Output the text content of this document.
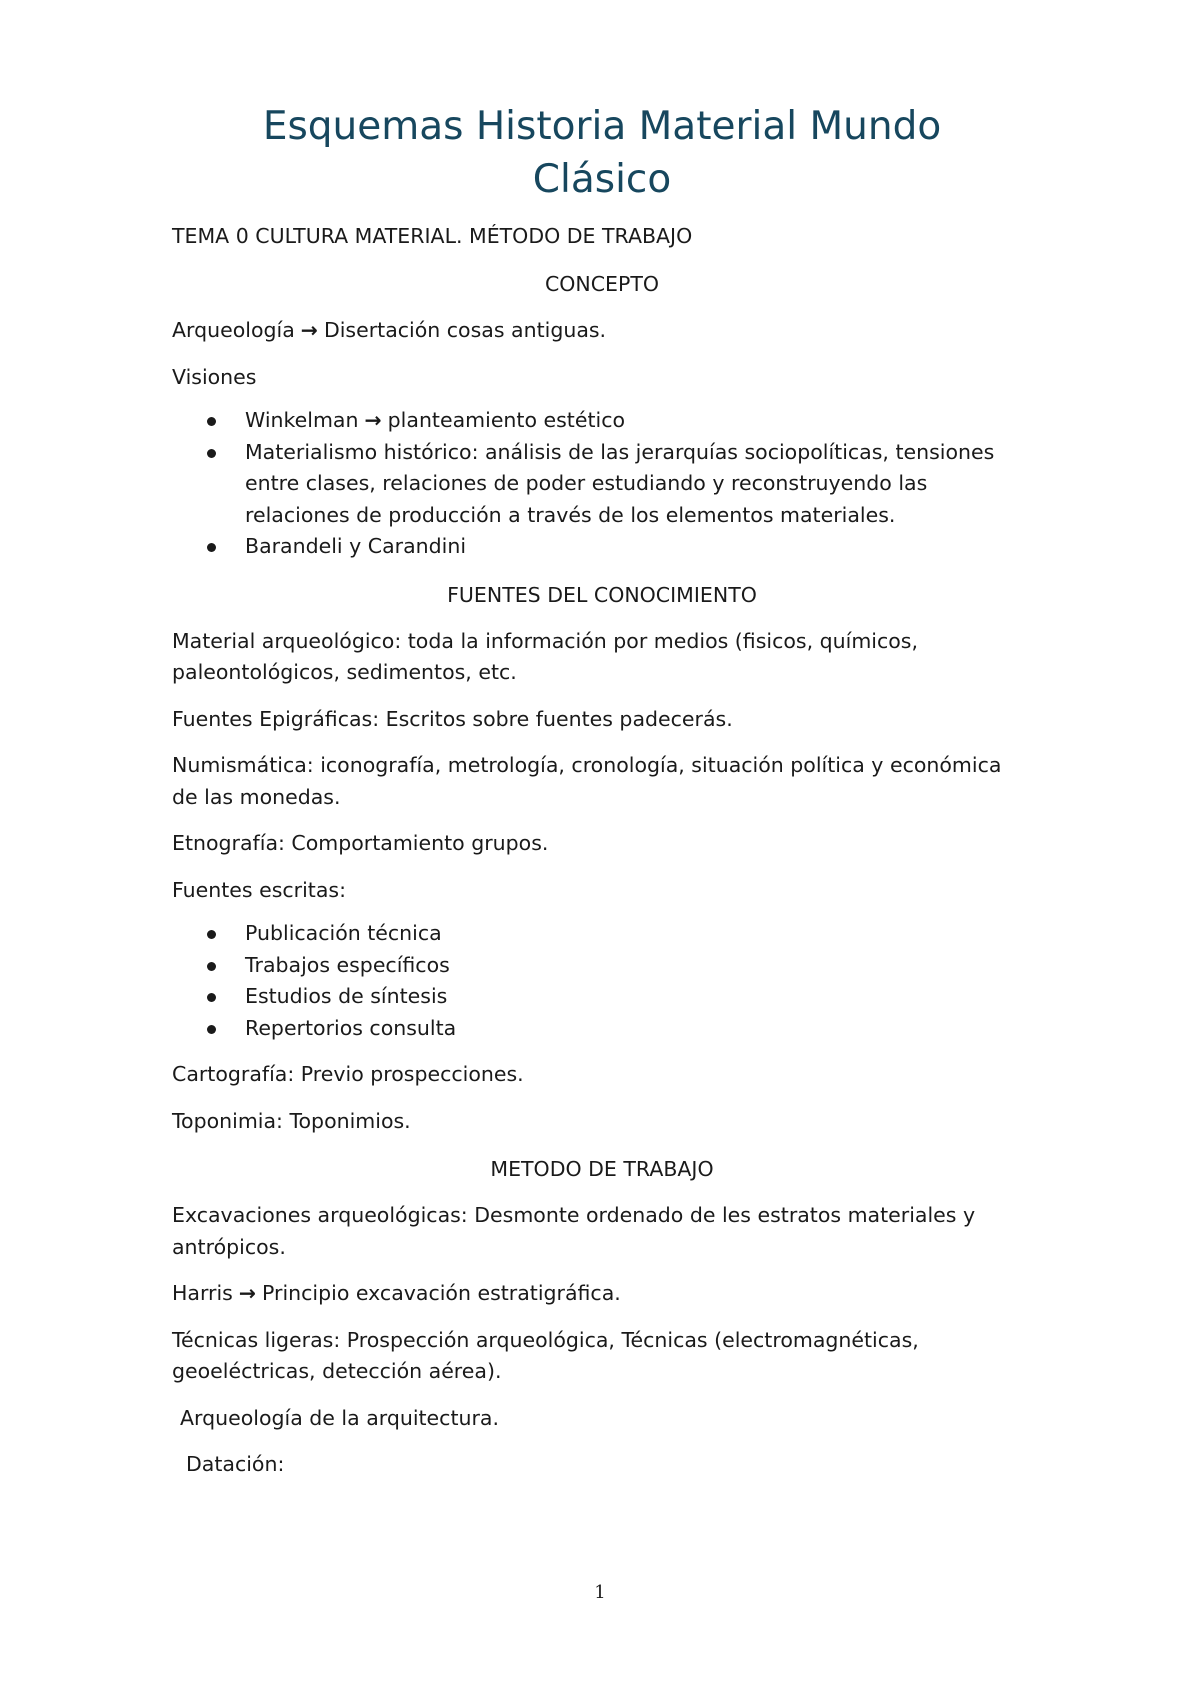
Esquemas Historia Material Mundo
Clásico
TEMA 0 CULTURA MATERIAL. MÉTODO DE TRABAJO
CONCEPTO

Arqueología → Disertación cosas antiguas.

Visiones

Winkelman → planteamiento estético
Materialismo histórico: análisis de las jerarquías sociopolíticas, tensiones entre clases, relaciones de poder estudiando y reconstruyendo las relaciones de producción a través de los elementos materiales.
Barandeli y Carandini
FUENTES DEL CONOCIMIENTO

Material arqueológico: toda la información por medios (fisicos, químicos, paleontológicos, sedimentos, etc.

Fuentes Epigráficas: Escritos sobre fuentes padecerás.

Numismática: iconografía, metrología, cronología, situación política y económica de las monedas.

Etnografía: Comportamiento grupos.

Fuentes escritas:

Publicación técnica
Trabajos específicos
Estudios de síntesis
Repertorios consulta

Cartografía: Previo prospecciones.

Toponimia: Toponimios.

METODO DE TRABAJO

Excavaciones arqueológicas: Desmonte ordenado de les estratos materiales y antrópicos.

Harris → Principio excavación estratigráfica.

Técnicas ligeras: Prospección arqueológica, Técnicas (electromagnéticas, geoeléctricas, detección aérea).

Arqueología de la arquitectura.

Datación:

1
